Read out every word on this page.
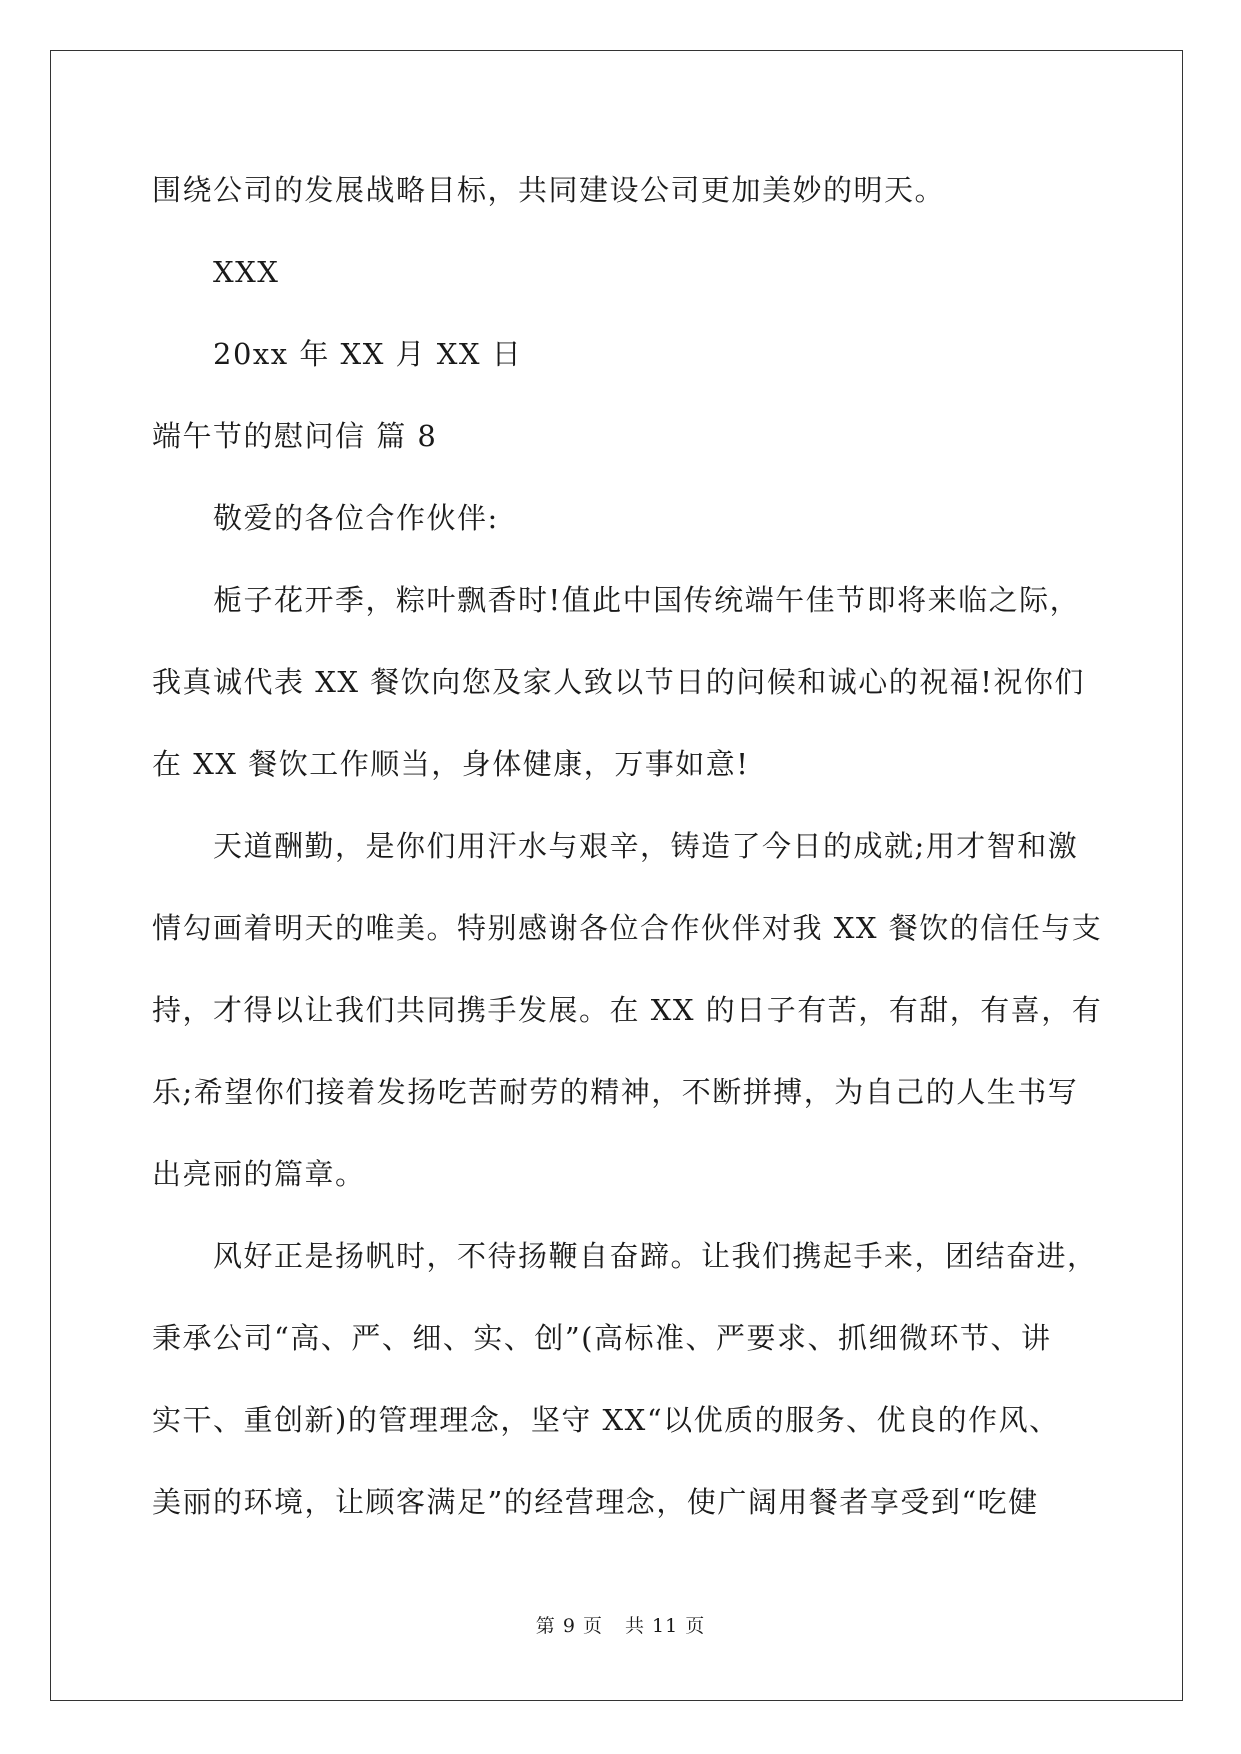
围绕公司的发展战略目标，共同建设公司更加美妙的明天。
XXX
20xx 年 XX 月 XX 日
端午节的慰问信 篇 8
敬爱的各位合作伙伴:
栀子花开季，粽叶飘香时!值此中国传统端午佳节即将来临之际，
我真诚代表 XX 餐饮向您及家人致以节日的问候和诚心的祝福!祝你们
在 XX 餐饮工作顺当，身体健康，万事如意!
天道酬勤，是你们用汗水与艰辛，铸造了今日的成就;用才智和激
情勾画着明天的唯美。特别感谢各位合作伙伴对我 XX 餐饮的信任与支
持，才得以让我们共同携手发展。在 XX 的日子有苦，有甜，有喜，有
乐;希望你们接着发扬吃苦耐劳的精神，不断拼搏，为自己的人生书写
出亮丽的篇章。
风好正是扬帆时，不待扬鞭自奋蹄。让我们携起手来，团结奋进，
秉承公司“高、严、细、实、创”(高标准、严要求、抓细微环节、讲
实干、重创新)的管理理念，坚守 XX“以优质的服务、优良的作风、
美丽的环境，让顾客满足”的经营理念，使广阔用餐者享受到“吃健
第 9 页 共 11 页
